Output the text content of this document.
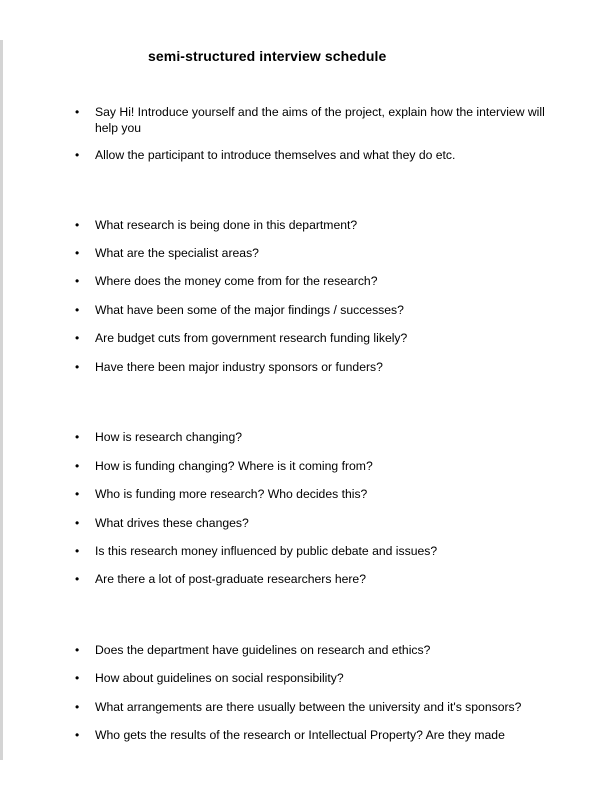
semi-structured interview schedule
• Say Hi! Introduce yourself and the aims of the project, explain how the interview will help you
• Allow the participant to introduce themselves and what they do etc.
• What research is being done in this department?
• What are the specialist areas?
• Where does the money come from for the research?
• What have been some of the major findings / successes?
• Are budget cuts from government research funding likely?
• Have there been major industry sponsors or funders?
• How is research changing?
• How is funding changing? Where is it coming from?
• Who is funding more research? Who decides this?
• What drives these changes?
• Is this research money influenced by public debate and issues?
• Are there a lot of post-graduate researchers here?
• Does the department have guidelines on research and ethics?
• How about guidelines on social responsibility?
• What arrangements are there usually between the university and it's sponsors?
• Who gets the results of the research or Intellectual Property? Are they made
